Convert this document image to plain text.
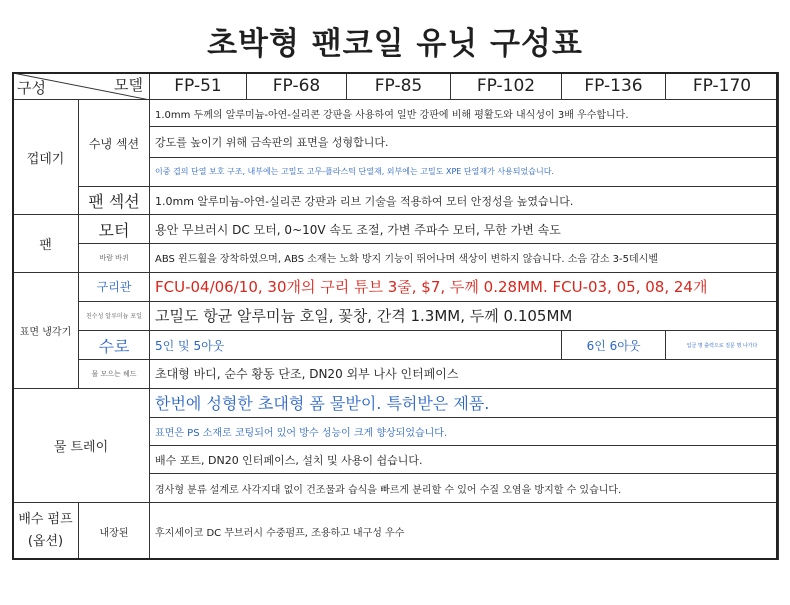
초박형 팬코일 유닛 구성표
모델
구성		FP-51	FP-68	FP-85	FP-102	FP-136	FP-170
껍데기	수냉 섹션	1.0mm 두께의 알루미늄-아연-실리콘 강판을 사용하여 일반 강판에 비해 평활도와 내식성이 3배 우수합니다.					
		강도를 높이기 위해 금속판의 표면을 성형합니다.					
		이중 겹의 단열 보호 구조, 내부에는 고밀도 고무-플라스틱 단열재, 외부에는 고밀도 XPE 단열재가 사용되었습니다.					
	팬 섹션	1.0mm 알루미늄-아연-실리콘 강판과 리브 기술을 적용하여 모터 안정성을 높였습니다.					
팬	모터	용안 무브러시 DC 모터, 0~10V 속도 조절, 가변 주파수 모터, 무한 가변 속도					
	바람 바퀴	ABS 윈드휠을 장착하였으며, ABS 소재는 노화 방지 기능이 뛰어나며 색상이 변하지 않습니다. 소음 감소 3-5데시벨					
표면 냉각기	구리관	FCU-04/06/10, 30개의 구리 튜브 3줄, $7, 두께 0.28MM. FCU-03, 05, 08, 24개					
	친수성 알루미늄 포일	고밀도 항균 알루미늄 호일, 꽃창, 간격 1.3MM, 두께 0.105MM					
	수로	5인 및 5아웃				6인 6아웃	입금 명 출력으로 질문 명 나가다
	물 모으는 헤드	초대형 바디, 순수 황동 단조, DN20 외부 나사 인터페이스					
물 트레이		한번에 성형한 초대형 폼 물받이. 특허받은 제품.					
		표면은 PS 소재로 코팅되어 있어 방수 성능이 크게 향상되었습니다.					
		배수 포트, DN20 인터페이스, 설치 및 사용이 쉽습니다.					
		경사형 분류 설계로 사각지대 없이 건조물과 습식을 빠르게 분리할 수 있어 수질 오염을 방지할 수 있습니다.					

배수 펌프
(옵션)	내장된	후지세이코 DC 무브러시 수중펌프, 조용하고 내구성 우수					
